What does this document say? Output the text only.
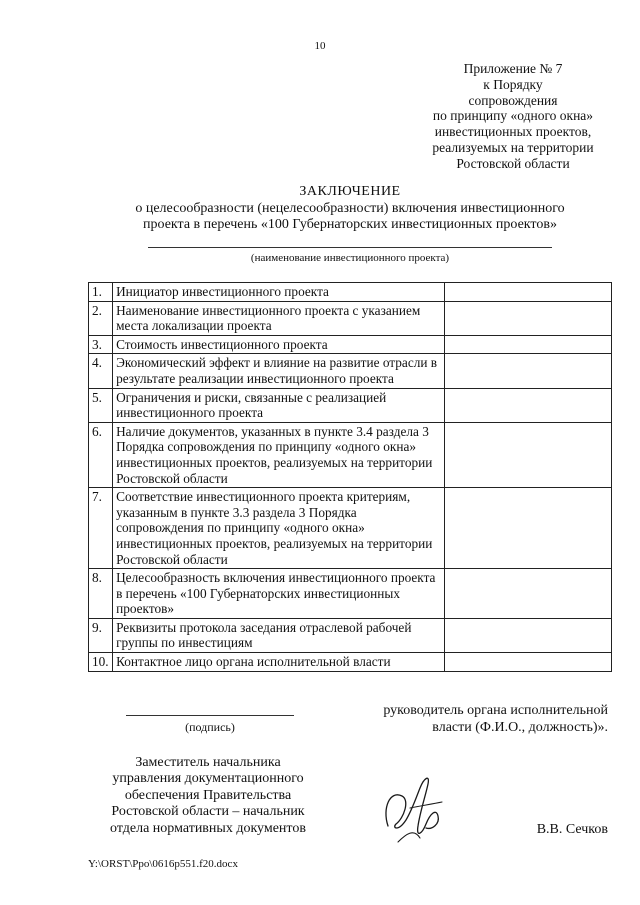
10
Приложение № 7
к Порядку
сопровождения
по принципу «одного окна»
инвестиционных проектов,
реализуемых на территории
Ростовской области
ЗАКЛЮЧЕНИЕ
о целесообразности (нецелесообразности) включения инвестиционного
проекта в перечень «100 Губернаторских инвестиционных проектов»
(наименование инвестиционного проекта)
1.	Инициатор инвестиционного проекта	
2.	Наименование инвестиционного проекта с указанием места локализации проекта	
3.	Стоимость инвестиционного проекта	
4.	Экономический эффект и влияние на развитие отрасли в результате реализации инвестиционного проекта	
5.	Ограничения и риски, связанные с реализацией инвестиционного проекта	
6.	Наличие документов, указанных в пункте 3.4 раздела 3 Порядка сопровождения по принципу «одного окна» инвестиционных проектов, реализуемых на территории Ростовской области	
7.	Соответствие инвестиционного проекта критериям, указанным в пункте 3.3 раздела 3 Порядка сопровождения по принципу «одного окна» инвестиционных проектов, реализуемых на территории Ростовской области	
8.	Целесообразность включения инвестиционного проекта в перечень «100 Губернаторских инвестиционных проектов»	
9.	Реквизиты протокола заседания отраслевой рабочей группы по инвестициям	
10.	Контактное лицо органа исполнительной власти	
(подпись)
руководитель органа исполнительной
власти (Ф.И.О., должность)».
Заместитель начальника
управления документационного
обеспечения Правительства
Ростовской области – начальник
отдела нормативных документов	В.В. Сечков
Y:\ORST\Ppo\0616p551.f20.docx
